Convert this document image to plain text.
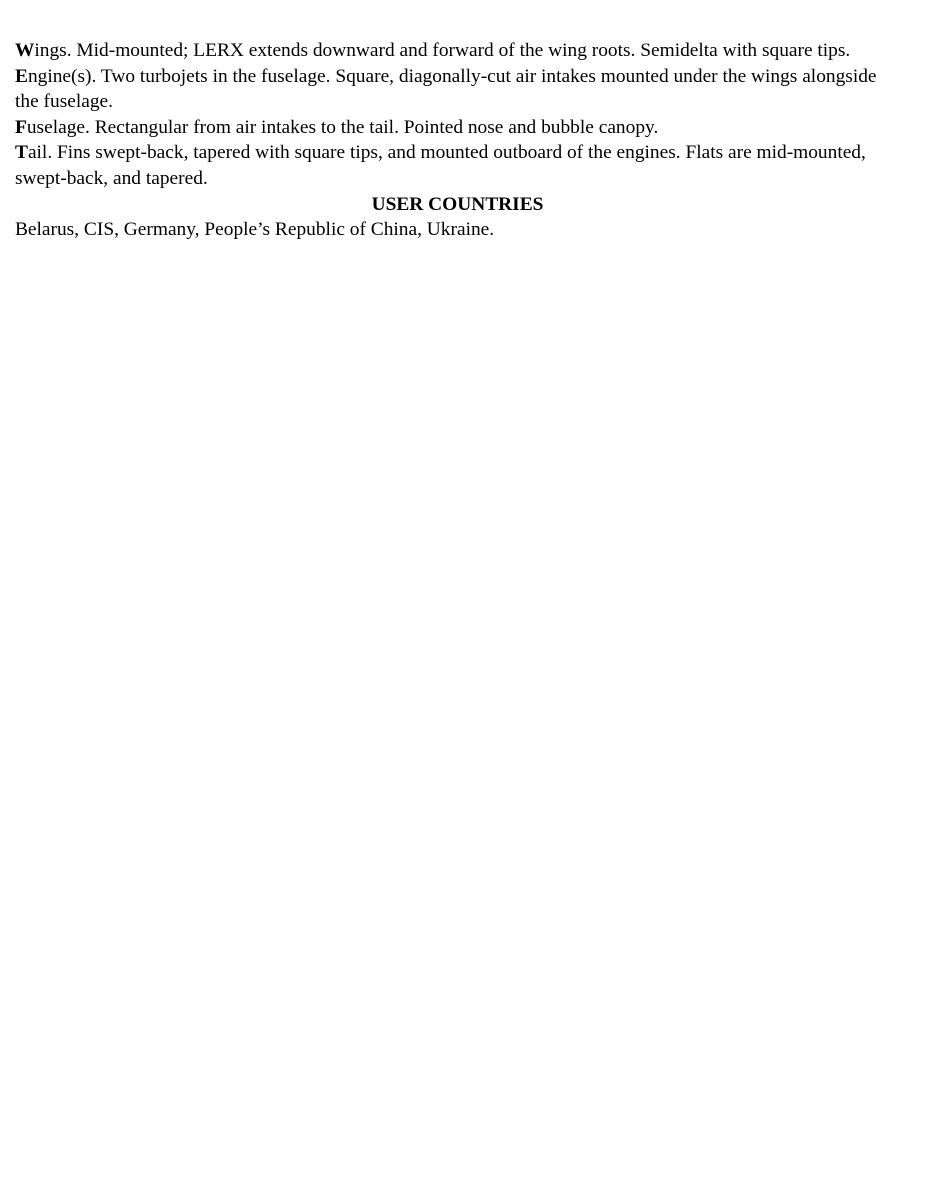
Wings. Mid-mounted; LERX extends downward and forward of the wing roots. Semidelta with square tips.

Engine(s). Two turbojets in the fuselage. Square, diagonally-cut air intakes mounted under the wings alongside the fuselage.

Fuselage. Rectangular from air intakes to the tail. Pointed nose and bubble canopy.

Tail. Fins swept-back, tapered with square tips, and mounted outboard of the engines. Flats are mid-mounted, swept-back, and tapered.

USER COUNTRIES

Belarus, CIS, Germany, People’s Republic of China, Ukraine.
